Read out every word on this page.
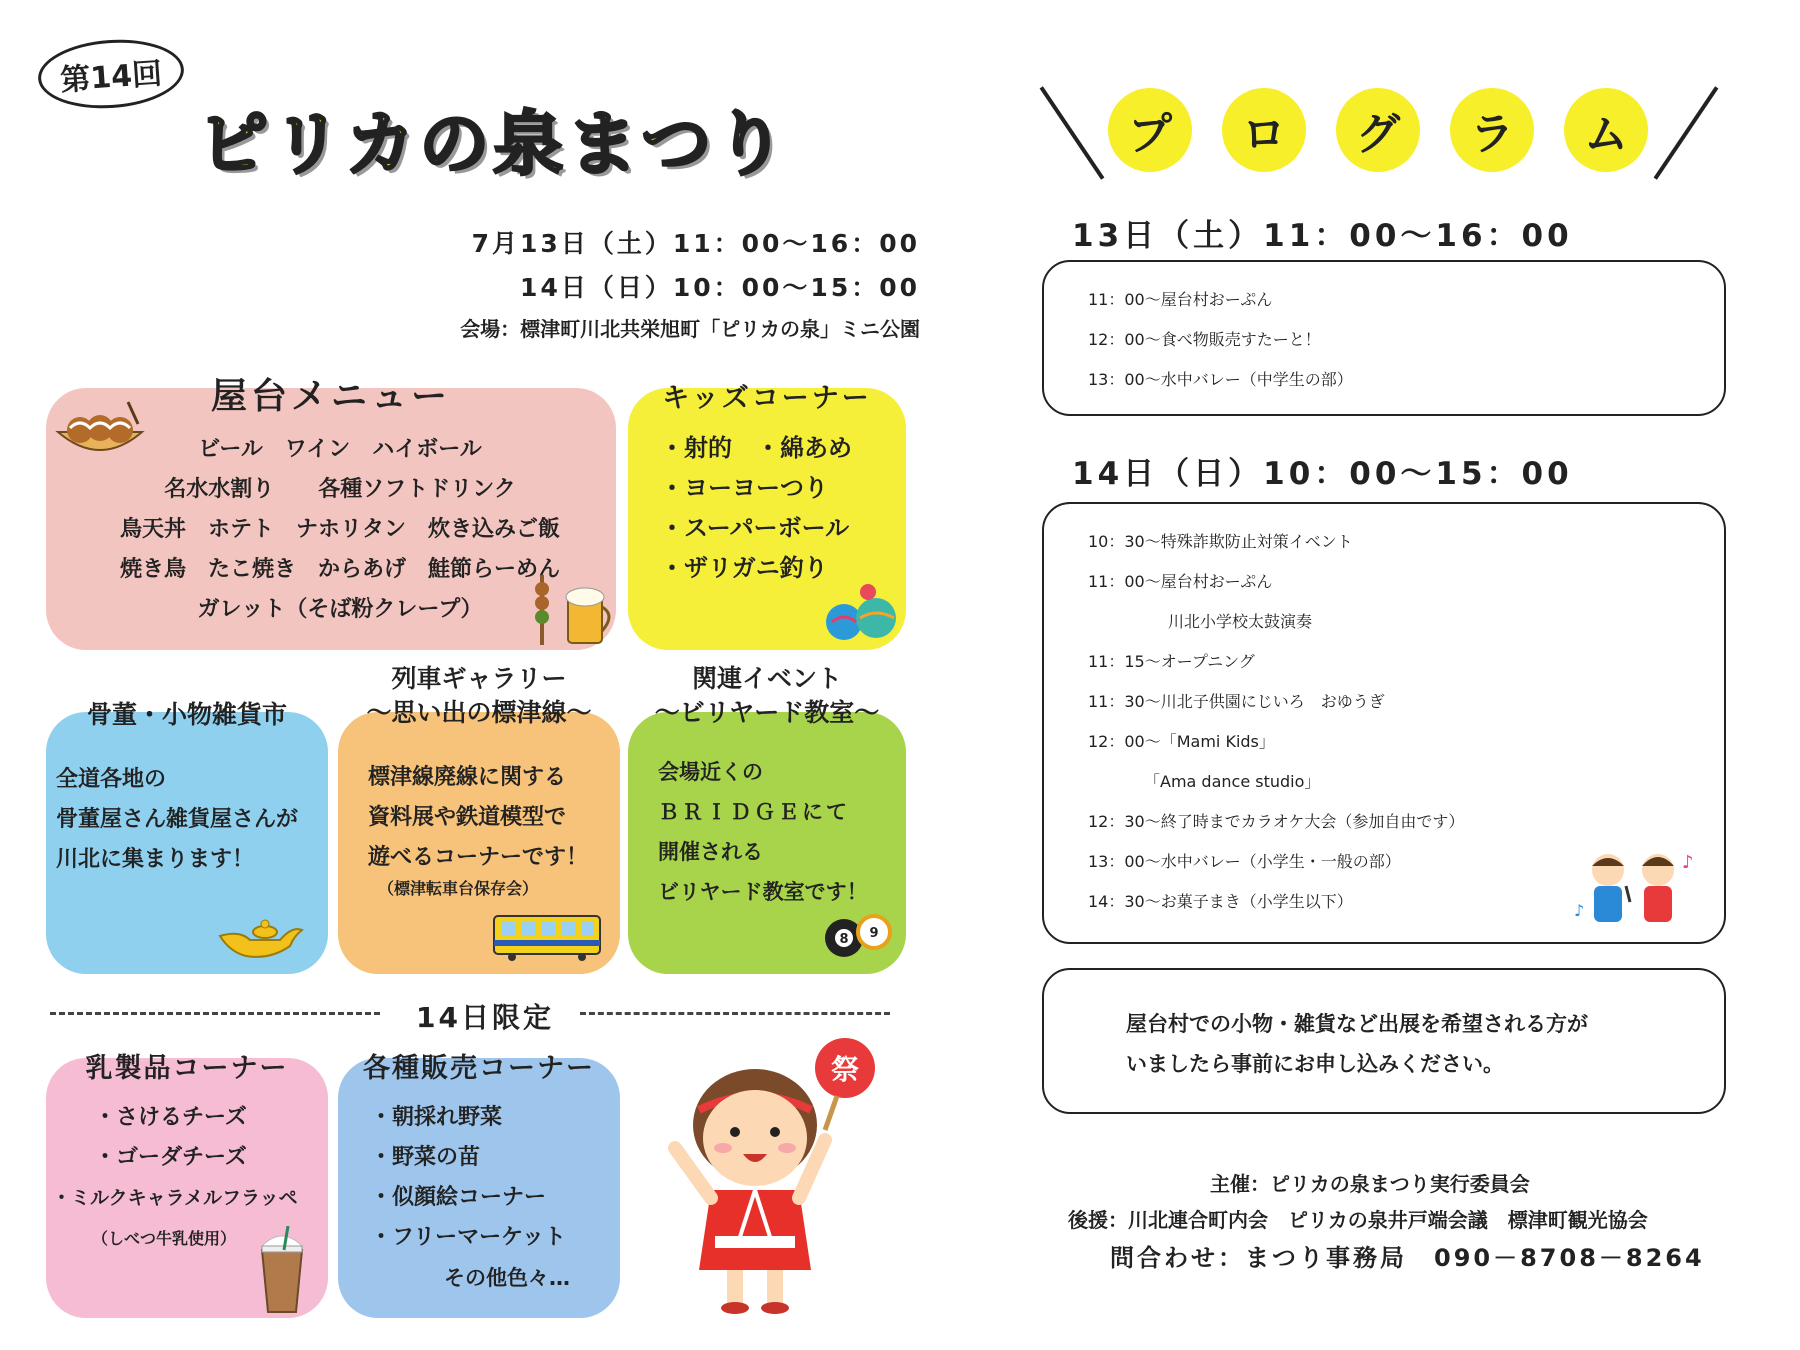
第14回
ピリカの泉まつり
7月13日（土）11：00～16：00
14日（日）10：00～15：00
会場：標津町川北共栄旭町「ピリカの泉」ミニ公園
屋台メニュー
ビール　ワイン　ハイボール
名水水割り　　各種ソフトドリンク
鳥天丼　ホテト　ナホリタン　炊き込みご飯
焼き鳥　たこ焼き　からあげ　鮭節らーめん
ガレット（そば粉クレープ）
キッズコーナー
・射的　・綿あめ
・ヨーヨーつり
・スーパーボール
・ザリガニ釣り
骨董・小物雑貨市
全道各地の
骨董屋さん雑貨屋さんが
川北に集まります！
列車ギャラリー
～思い出の標津線～
標津線廃線に関する
資料展や鉄道模型で
遊べるコーナーです！
（標津転車台保存会）
関連イベント
～ビリヤード教室～
会場近くの
ＢＲＩＤＧＥにて
開催される
ビリヤード教室です！
8 9
14日限定
乳製品コーナー
・さけるチーズ
・ゴーダチーズ
・ミルクキャラメルフラッペ
（しべつ牛乳使用）
各種販売コーナー
・朝採れ野菜
・野菜の苗
・似顔絵コーナー
・フリーマーケット
その他色々…
祭
プ	ロ	グ	ラ	ム
13日（土）11：00～16：00
11：00～屋台村おーぷん
12：00～食べ物販売すたーと！
13：00～水中バレー（中学生の部）
14日（日）10：00～15：00
10：30～特殊詐欺防止対策イベント
11：00～屋台村おーぷん
　　　　　川北小学校太鼓演奏
11：15～オープニング
11：30～川北子供園にじいろ　おゆうぎ
12：00～「Mami Kids」
　　　　「Ama dance studio」
12：30～終了時までカラオケ大会（参加自由です）
13：00～水中バレー（小学生・一般の部）
14：30～お菓子まき（小学生以下）
♪
♪
屋台村での小物・雑貨など出展を希望される方が
いましたら事前にお申し込みください。
主催：ピリカの泉まつり実行委員会
後援：川北連合町内会　ピリカの泉井戸端会議　標津町観光協会
問合わせ：まつり事務局　090－8708－8264
